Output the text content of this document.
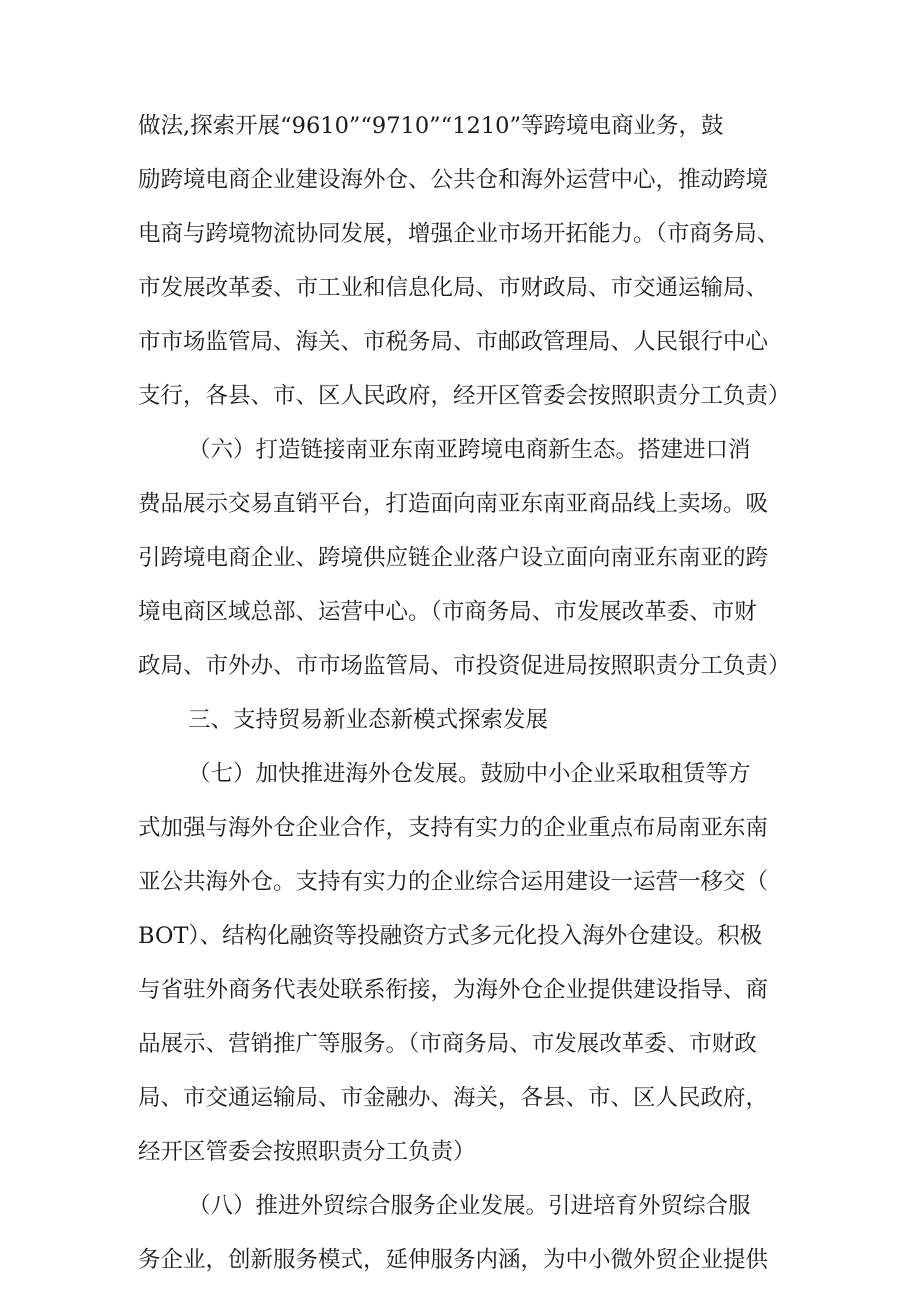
做法,探索开展“9610”“9710”“1210”等跨境电商业务，鼓
励跨境电商企业建设海外仓、公共仓和海外运营中心，推动跨境
电商与跨境物流协同发展，增强企业市场开拓能力。（市商务局、
市发展改革委、市工业和信息化局、市财政局、市交通运输局、
市市场监管局、海关、市税务局、市邮政管理局、人民银行中心
支行，各县、市、区人民政府，经开区管委会按照职责分工负责）
（六）打造链接南亚东南亚跨境电商新生态。搭建进口消
费品展示交易直销平台，打造面向南亚东南亚商品线上卖场。吸
引跨境电商企业、跨境供应链企业落户设立面向南亚东南亚的跨
境电商区域总部、运营中心。（市商务局、市发展改革委、市财
政局、市外办、市市场监管局、市投资促进局按照职责分工负责）
三、支持贸易新业态新模式探索发展
（七）加快推进海外仓发展。鼓励中小企业采取租赁等方
式加强与海外仓企业合作，支持有实力的企业重点布局南亚东南
亚公共海外仓。支持有实力的企业综合运用建设一运营一移交（
BOT）、结构化融资等投融资方式多元化投入海外仓建设。积极
与省驻外商务代表处联系衔接，为海外仓企业提供建设指导、商
品展示、营销推广等服务。（市商务局、市发展改革委、市财政
局、市交通运输局、市金融办、海关，各县、市、区人民政府，
经开区管委会按照职责分工负责）
（八）推进外贸综合服务企业发展。引进培育外贸综合服
务企业，创新服务模式，延伸服务内涵，为中小微外贸企业提供
